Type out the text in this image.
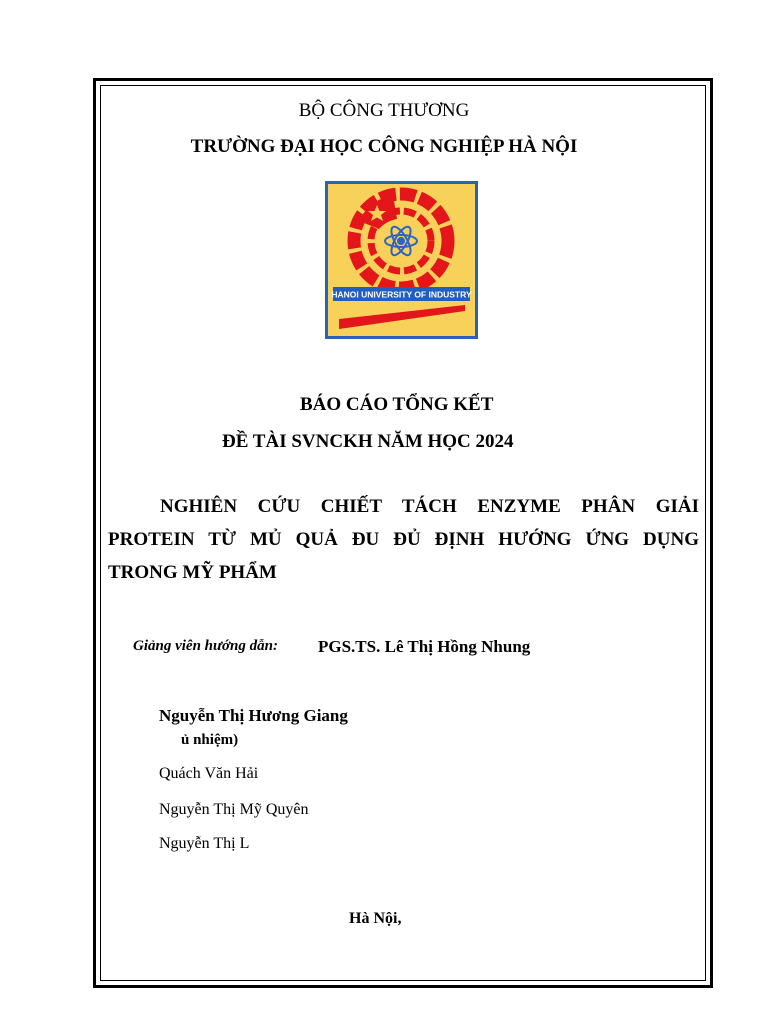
BỘ CÔNG THƯƠNG
TRƯỜNG ĐẠI HỌC CÔNG NGHIỆP HÀ NỘI
HANOI UNIVERSITY OF INDUSTRY
BÁO CÁO TỔNG KẾT
ĐỀ TÀI SVNCKH NĂM HỌC 2024
NGHIÊN CỨU CHIẾT TÁCH ENZYME PHÂN GIẢI
PROTEIN TỪ MỦ QUẢ ĐU ĐỦ ĐỊNH HƯỚNG ỨNG DỤNG
TRONG MỸ PHẨM
Giảng viên hướng dẫn: PGS.TS. Lê Thị Hồng Nhung
Nguyễn Thị Hương Giang
ủ nhiệm)
Quách Văn Hải
Nguyễn Thị Mỹ Quyên
Nguyễn Thị L
Hà Nội,
